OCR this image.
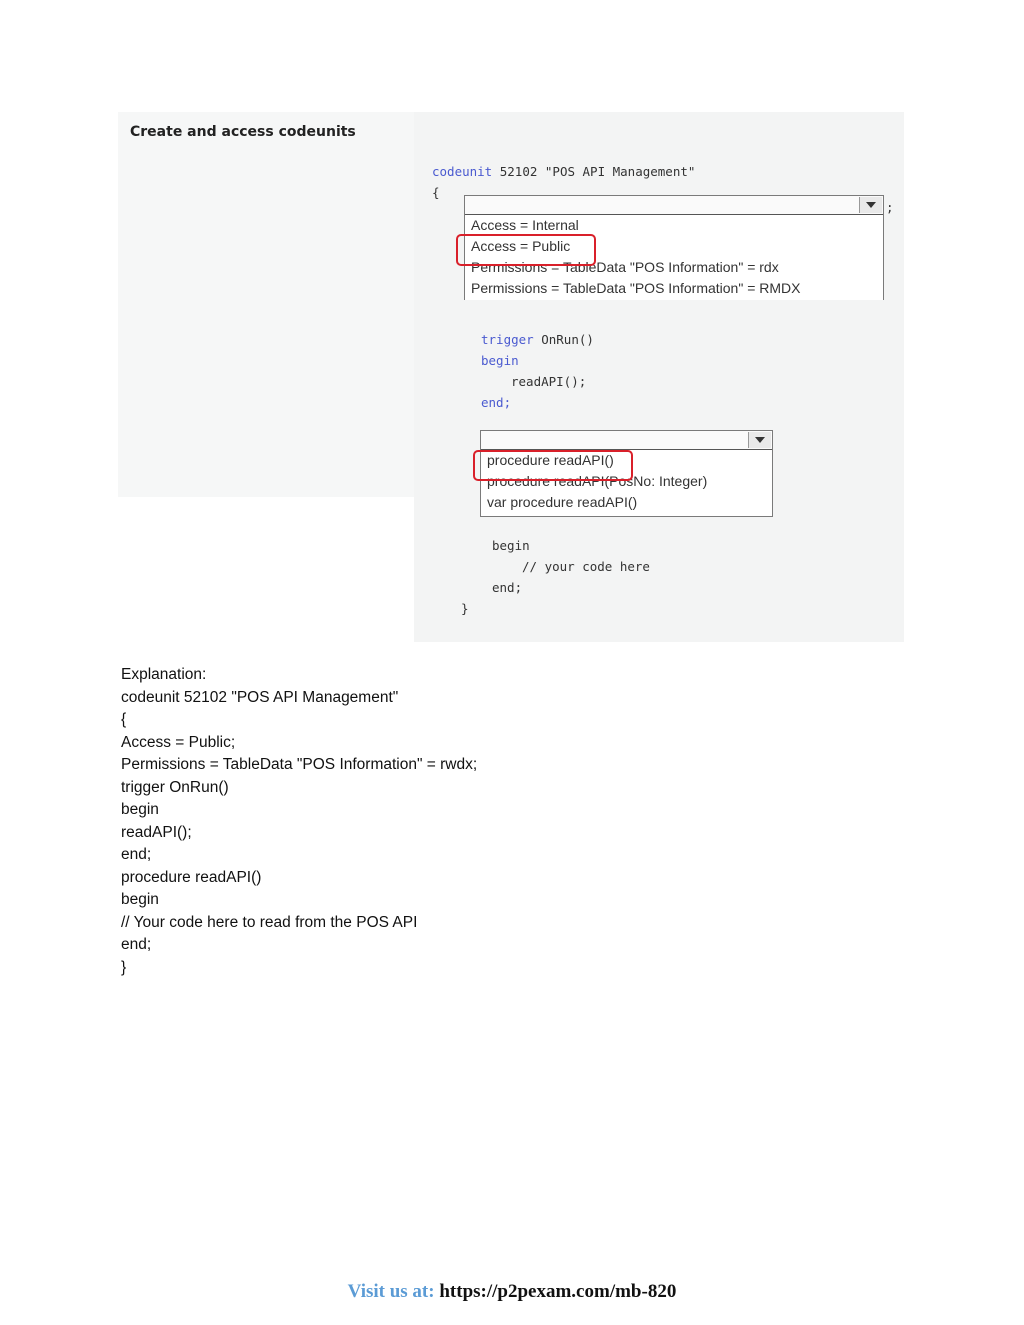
Create and access codeunits
codeunit 52102 "POS API Management"
{
Access = Internal
Access = Public
Permissions = TableData "POS Information" = rdx
Permissions = TableData "POS Information" = RMDX
;
trigger OnRun()
begin
readAPI();
end;
procedure readAPI()
procedure readAPI(PosNo: Integer)
var procedure readAPI()
begin
// your code here
end;
}
Explanation:
codeunit 52102 "POS API Management"
{
Access = Public;
Permissions = TableData "POS Information" = rwdx;
trigger OnRun()
begin
readAPI();
end;
procedure readAPI()
begin
// Your code here to read from the POS API
end;
}
Visit us at: https://p2pexam.com/mb-820
